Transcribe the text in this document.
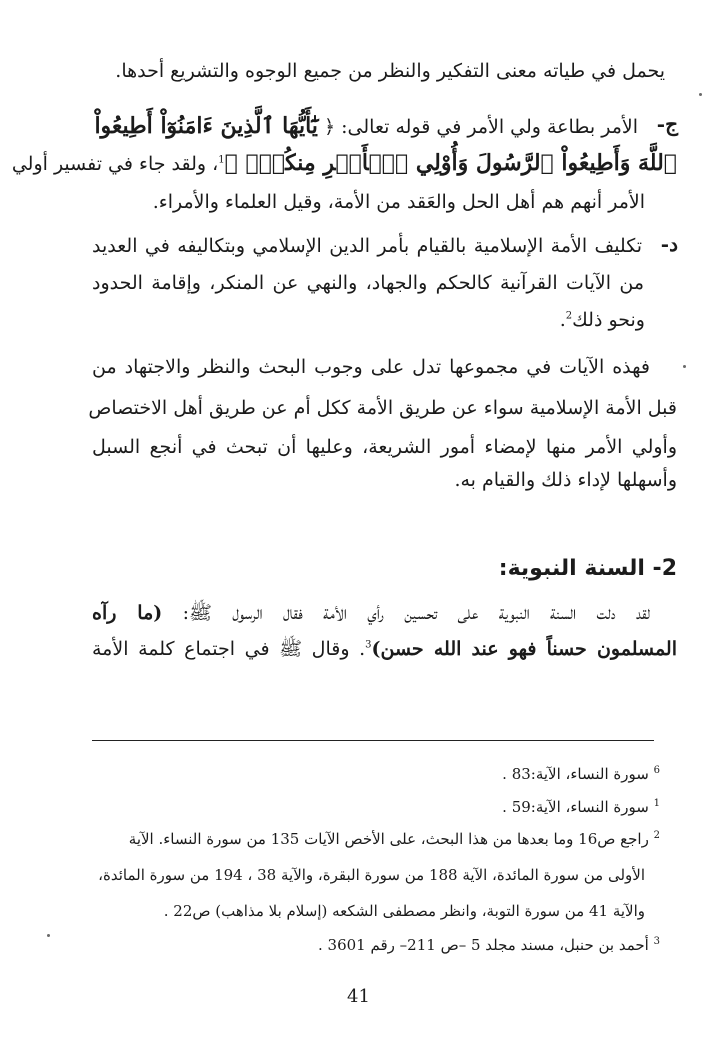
يحمل في طياته معنى التفكير والنظر من جميع الوجوه والتشريع أحدها.
ج-
الأمر بطاعة ولي الأمر في قوله تعالى: ﴿ يَٰٓأَيُّهَا ٱلَّذِينَ ءَامَنُوٓاْ أَطِيعُواْ
ٱللَّهَ وَأَطِيعُواْ ٱلرَّسُولَ وَأُوْلِي ٱلۡأَمۡرِ مِنكُمۡۖ ﴾$^1$، ولقد جاء في تفسير أولي
الأمر أنهم هم أهل الحل والعَقد من الأمة، وقيل العلماء والأمراء.
د-
تكليف الأمة الإسلامية بالقيام بأمر الدين الإسلامي وبتكاليفه في العديد
من الآيات القرآنية كالحكم والجهاد، والنهي عن المنكر، وإقامة الحدود
ونحو ذلك$^2$.
فهذه الآيات في مجموعها تدل على وجوب البحث والنظر والاجتهاد من
قبل الأمة الإسلامية سواء عن طريق الأمة ككل أم عن طريق أهل الاختصاص
وأولي الأمر منها لإمضاء أمور الشريعة، وعليها أن تبحث في أنجع السبل
وأسهلها لإداء ذلك والقيام به.
2- السنة النبوية:
لقد دلت السنة النبوية على تحسين رأي الأمة فقال الرسول ﷺ: (ما رآه
المسلمون حسناً فهو عند الله حسن)$^3$. وقال ﷺ في اجتماع كلمة الأمة
$^6$ سورة النساء، الآية:83 .
$^1$ سورة النساء، الآية:59 .
$^2$ راجع ص16 وما بعدها من هذا البحث، على الأخص الآيات 135 من سورة النساء. الآية
الأولى من سورة المائدة، الآية 188 من سورة البقرة، والآية 38 ، 194 من سورة المائدة،
والآية 41 من سورة التوبة، وانظر مصطفى الشكعه (إسلام بلا مذاهب) ص22 .
$^3$ أحمد بن حنبل، مسند مجلد 5 –ص 211– رقم 3601 .
41
